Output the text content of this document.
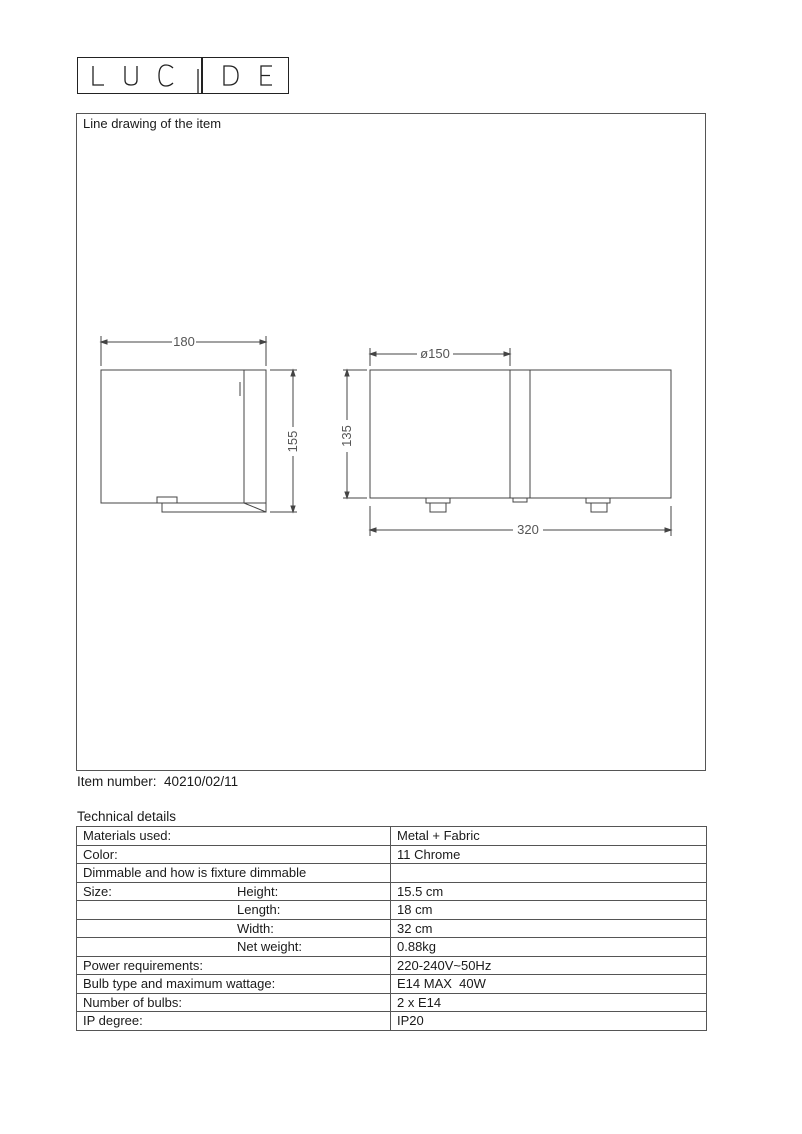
Line drawing of the item
180
155
ø150
135
320
Item number: 40210/02/11
Technical details
Materials used:	Metal + Fabric
Color:	11 Chrome
Dimmable and how is fixture dimmable	
Size: Height:	15.5 cm

Length:	18 cm

Width:	32 cm

Net weight:	0.88kg
Power requirements:	220-240V~50Hz
Bulb type and maximum wattage:	E14 MAX  40W
Number of bulbs:	2 x E14
IP degree:	IP20
